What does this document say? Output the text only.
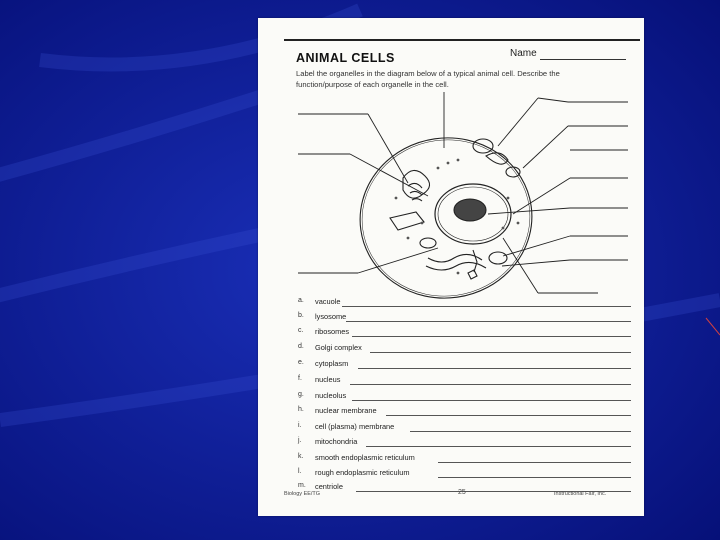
ANIMAL CELLS	Name
Label the organelles in the diagram below of a typical animal cell. Describe the function/purpose of each organelle in the cell.
a.	vacuole
b.	lysosome
c.	ribosomes
d.	Golgi complex
e.	cytoplasm
f.	nucleus
g.	nucleolus
h.	nuclear membrane
i.	cell (plasma) membrane
j.	mitochondria
k.	smooth endoplasmic reticulum
l.	rough endoplasmic reticulum
m.	centriole
Biology EE/TG	25	Instructional Fair, Inc.
